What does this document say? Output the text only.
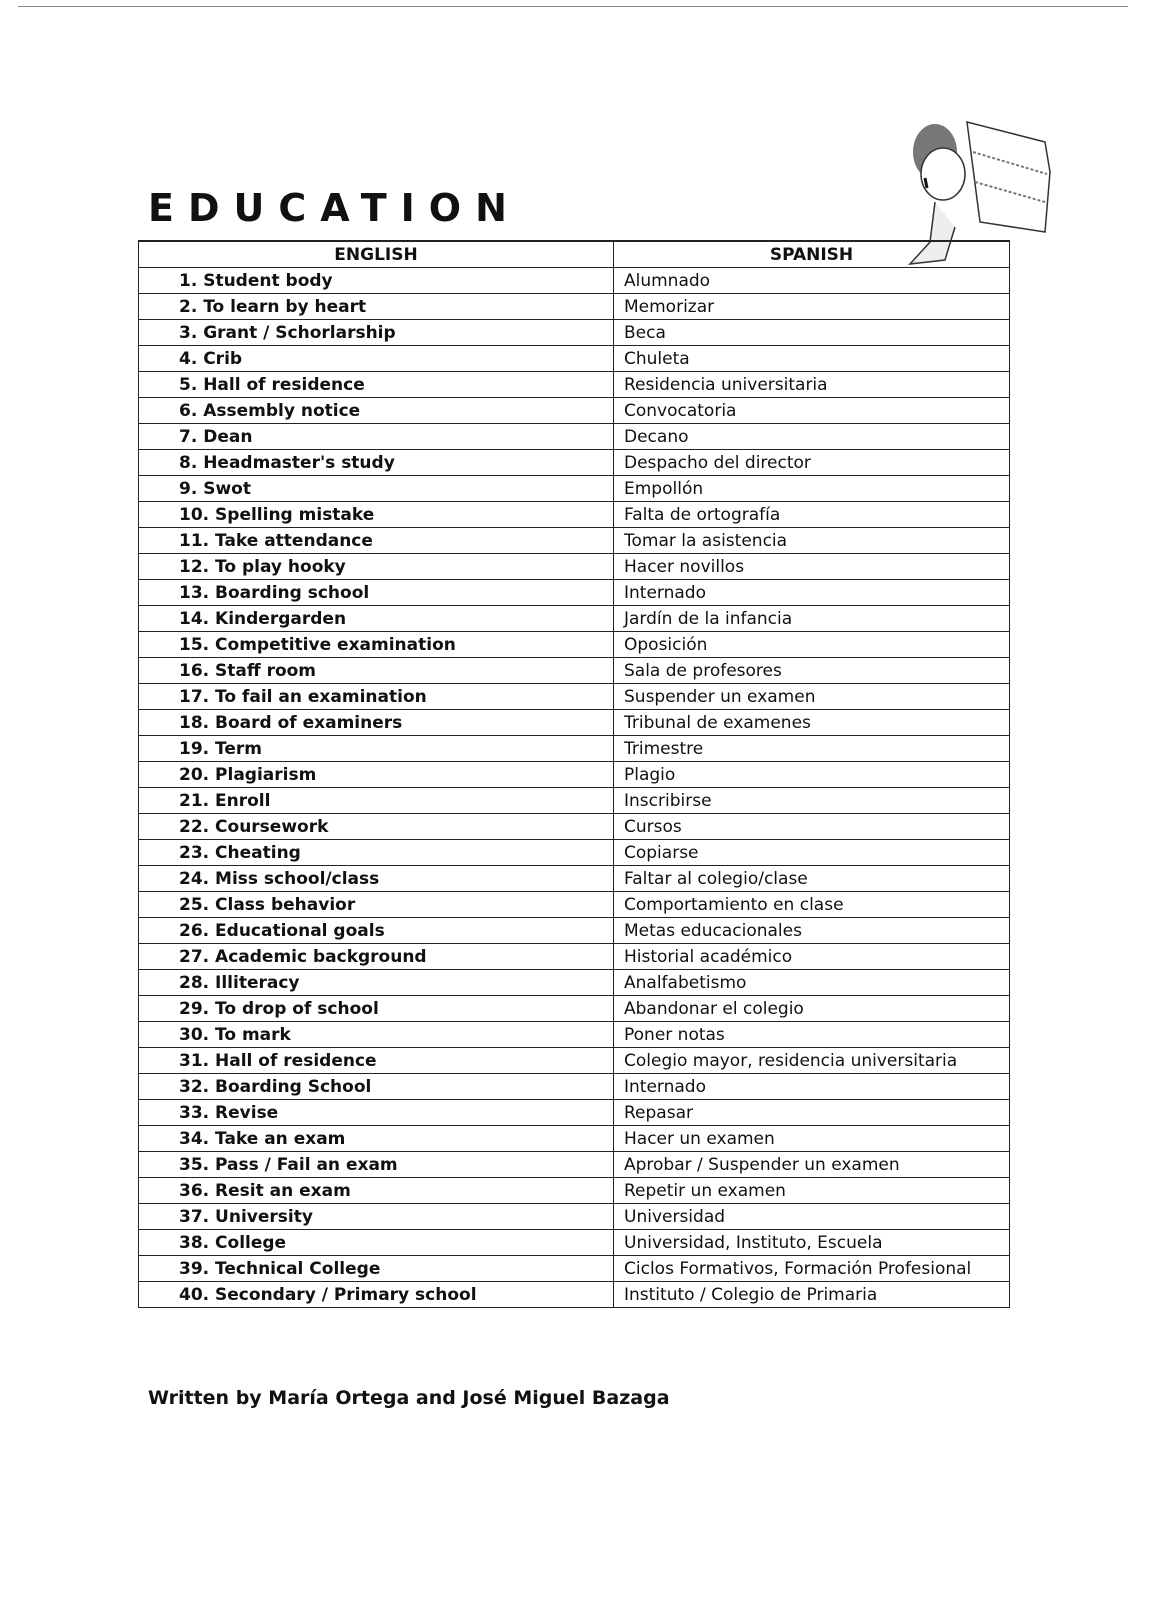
EDUCATION
ENGLISH	SPANISH
1. Student body	Alumnado
2. To learn by heart	Memorizar
3. Grant / Schorlarship	Beca
4. Crib	Chuleta
5. Hall of residence	Residencia universitaria
6. Assembly notice	Convocatoria
7. Dean	Decano
8. Headmaster's study	Despacho del director
9. Swot	Empollón
10. Spelling mistake	Falta de ortografía
11. Take attendance	Tomar la asistencia
12. To play hooky	Hacer novillos
13. Boarding school	Internado
14. Kindergarden	Jardín de la infancia
15. Competitive examination	Oposición
16. Staff room	Sala de profesores
17. To fail an examination	Suspender un examen
18. Board of examiners	Tribunal de examenes
19. Term	Trimestre
20. Plagiarism	Plagio
21. Enroll	Inscribirse
22. Coursework	Cursos
23. Cheating	Copiarse
24. Miss school/class	Faltar al colegio/clase
25. Class behavior	Comportamiento en clase
26. Educational goals	Metas educacionales
27. Academic background	Historial académico
28. Illiteracy	Analfabetismo
29. To drop of school	Abandonar el colegio
30. To mark	Poner notas
31. Hall of residence	Colegio mayor, residencia universitaria
32. Boarding School	Internado
33. Revise	Repasar
34. Take an exam	Hacer un examen
35. Pass / Fail an exam	Aprobar / Suspender un examen
36. Resit an exam	Repetir un examen
37. University	Universidad
38. College	Universidad, Instituto, Escuela
39. Technical College	Ciclos Formativos, Formación Profesional
40. Secondary / Primary school	Instituto / Colegio de Primaria
Written by María Ortega and José Miguel Bazaga
